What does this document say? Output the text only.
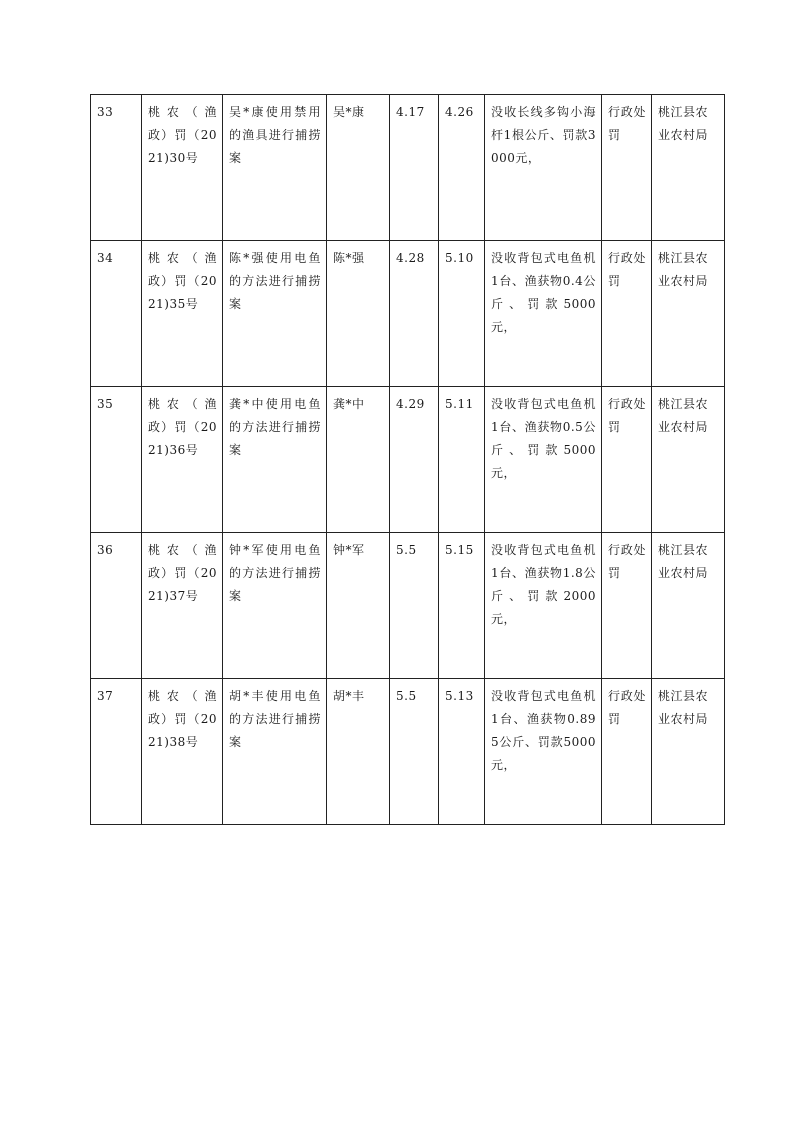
33	桃农（渔政）罚（2021)30号	吴*康使用禁用的渔具进行捕捞案	吴*康	4.17	4.26	没收长线多钩小海杆1根公斤、罚款3000元，	行政处罚	桃江县农业农村局
34	桃农（渔政）罚（2021)35号	陈*强使用电鱼的方法进行捕捞案	陈*强	4.28	5.10	没收背包式电鱼机1台、渔获物0.4公斤、罚款5000元，	行政处罚	桃江县农业农村局
35	桃农（渔政）罚（2021)36号	龚*中使用电鱼的方法进行捕捞案	龚*中	4.29	5.11	没收背包式电鱼机1台、渔获物0.5公斤、罚款5000元，	行政处罚	桃江县农业农村局
36	桃农（渔政）罚（2021)37号	钟*军使用电鱼的方法进行捕捞案	钟*军	5.5	5.15	没收背包式电鱼机1台、渔获物1.8公斤、罚款2000元，	行政处罚	桃江县农业农村局
37	桃农（渔政）罚（2021)38号	胡*丰使用电鱼的方法进行捕捞案	胡*丰	5.5	5.13	没收背包式电鱼机1台、渔获物0.895公斤、罚款5000元，	行政处罚	桃江县农业农村局
